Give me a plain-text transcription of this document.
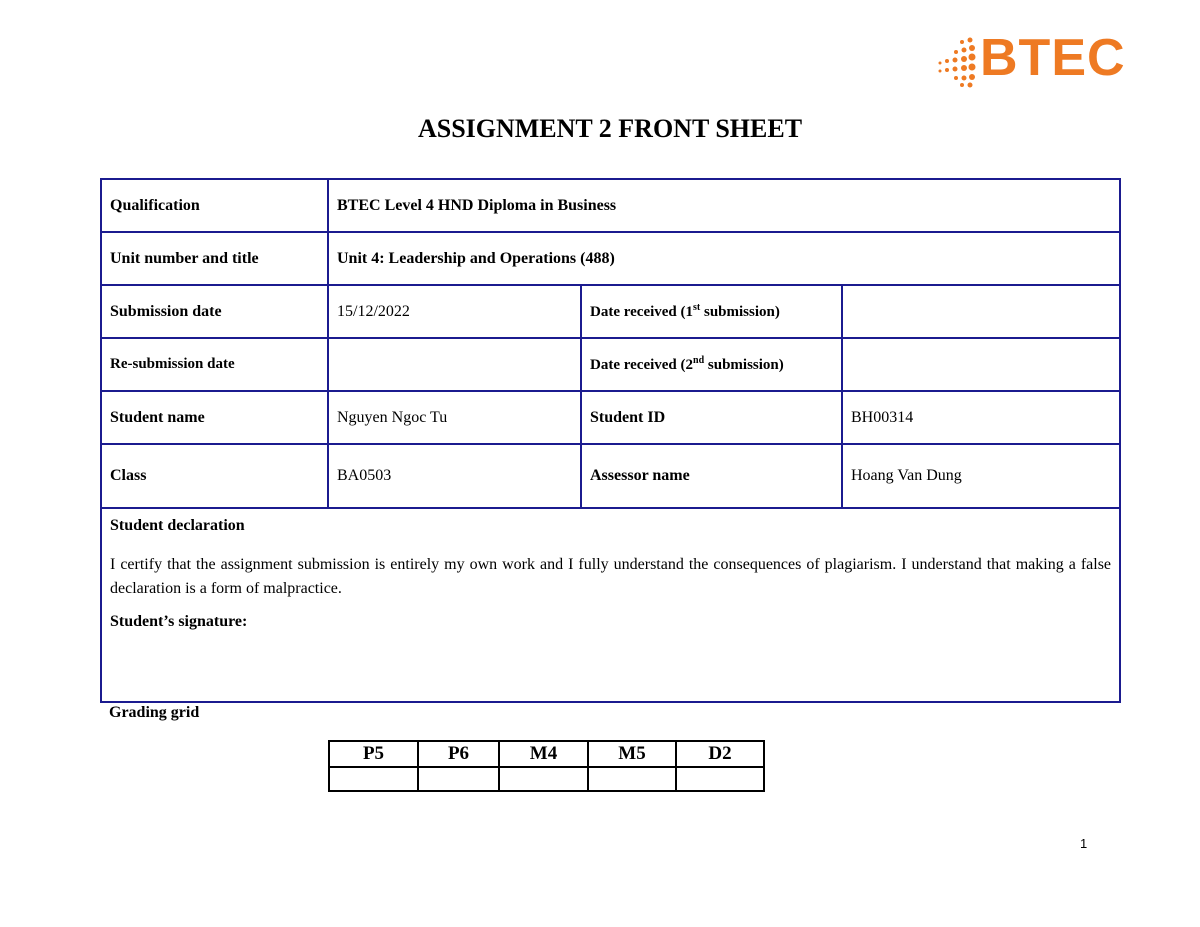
BTEC
ASSIGNMENT 2 FRONT SHEET
Qualification	BTEC Level 4 HND Diploma in Business		
Unit number and title	Unit 4: Leadership and Operations (488)		
Submission date	15/12/2022	Date received (1st submission)	
Re-submission date		Date received (2nd submission)	
Student name	Nguyen Ngoc Tu	Student ID	BH00314
Class	BA0503	Assessor name	Hoang Van Dung

Student declaration
I certify that the assignment submission is entirely my own work and I fully understand the consequences of plagiarism. I understand that making a false declaration is a form of malpractice.
Student’s signature:			
Grading grid
P5	P6	M4	M5	D2

1
